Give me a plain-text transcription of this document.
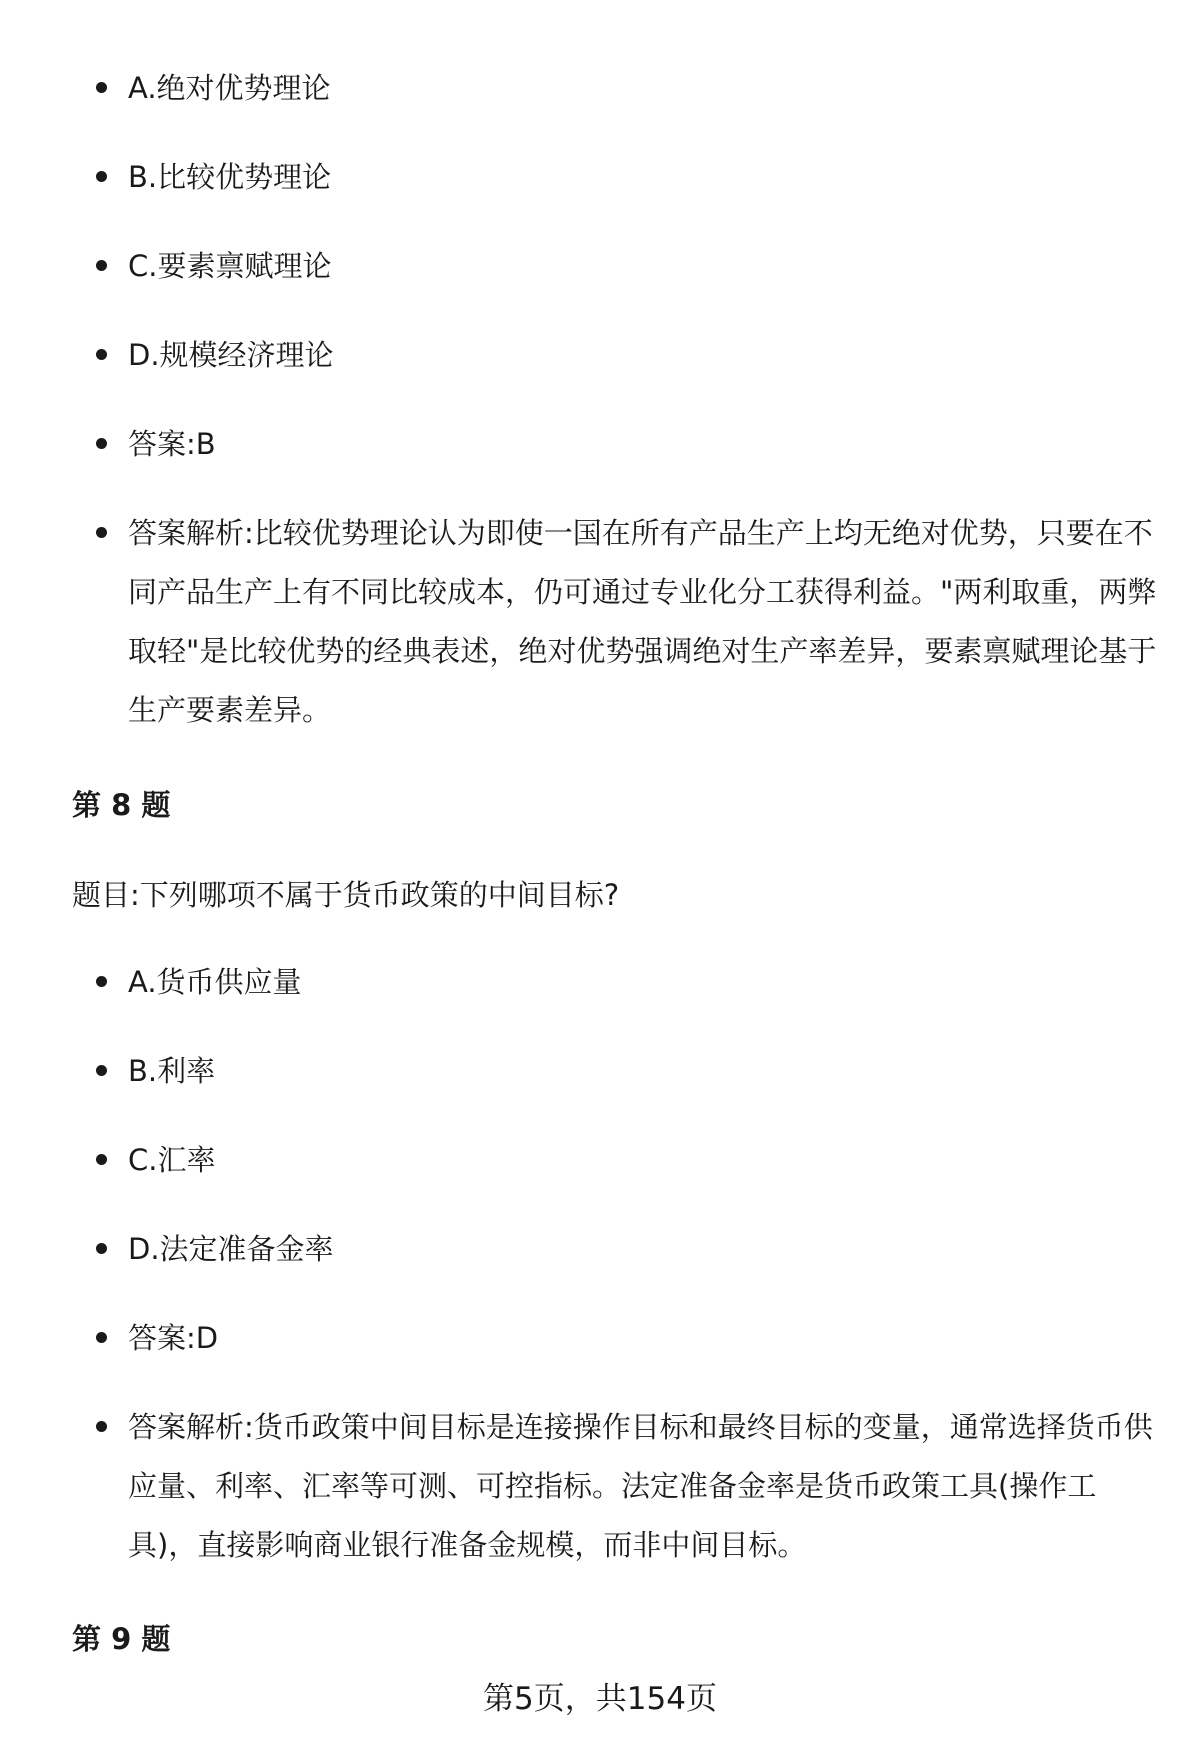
A.绝对优势理论
B.比较优势理论
C.要素禀赋理论
D.规模经济理论
答案:B
答案解析:比较优势理论认为即使一国在所有产品生产上均无绝对优势，只要在不同产品生产上有不同比较成本，仍可通过专业化分工获得利益。"两利取重，两弊取轻"是比较优势的经典表述，绝对优势强调绝对生产率差异，要素禀赋理论基于生产要素差异。
第 8 题
题目:下列哪项不属于货币政策的中间目标?
A.货币供应量
B.利率
C.汇率
D.法定准备金率
答案:D
答案解析:货币政策中间目标是连接操作目标和最终目标的变量，通常选择货币供应量、利率、汇率等可测、可控指标。法定准备金率是货币政策工具(操作工具)，直接影响商业银行准备金规模，而非中间目标。
第 9 题
第5页，共154页
